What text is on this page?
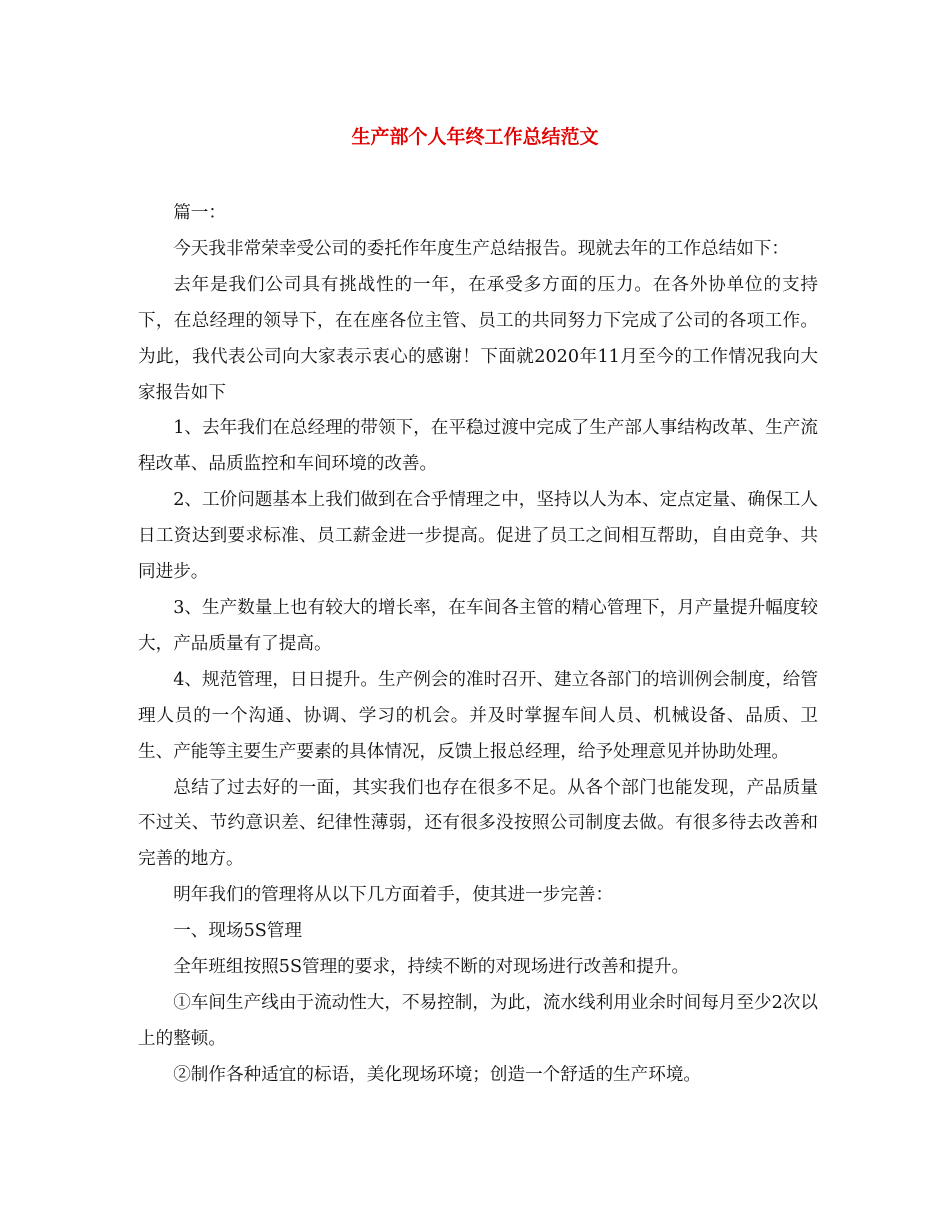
生产部个人年终工作总结范文

篇一：

今天我非常荣幸受公司的委托作年度生产总结报告。现就去年的工作总结如下：

去年是我们公司具有挑战性的一年，在承受多方面的压力。在各外协单位的支持下，在总经理的领导下，在在座各位主管、员工的共同努力下完成了公司的各项工作。为此，我代表公司向大家表示衷心的感谢！下面就2020年11月至今的工作情况我向大家报告如下

1、去年我们在总经理的带领下，在平稳过渡中完成了生产部人事结构改革、生产流程改革、品质监控和车间环境的改善。

2、工价问题基本上我们做到在合乎情理之中，坚持以人为本、定点定量、确保工人日工资达到要求标准、员工薪金进一步提高。促进了员工之间相互帮助，自由竞争、共同进步。

3、生产数量上也有较大的增长率，在车间各主管的精心管理下，月产量提升幅度较大，产品质量有了提高。

4、规范管理，日日提升。生产例会的准时召开、建立各部门的培训例会制度，给管理人员的一个沟通、协调、学习的机会。并及时掌握车间人员、机械设备、品质、卫生、产能等主要生产要素的具体情况，反馈上报总经理，给予处理意见并协助处理。

总结了过去好的一面，其实我们也存在很多不足。从各个部门也能发现，产品质量不过关、节约意识差、纪律性薄弱，还有很多没按照公司制度去做。有很多待去改善和完善的地方。

明年我们的管理将从以下几方面着手，使其进一步完善：

一、现场5S管理

全年班组按照5S管理的要求，持续不断的对现场进行改善和提升。

①车间生产线由于流动性大，不易控制，为此，流水线利用业余时间每月至少2次以上的整顿。

②制作各种适宜的标语，美化现场环境；创造一个舒适的生产环境。
